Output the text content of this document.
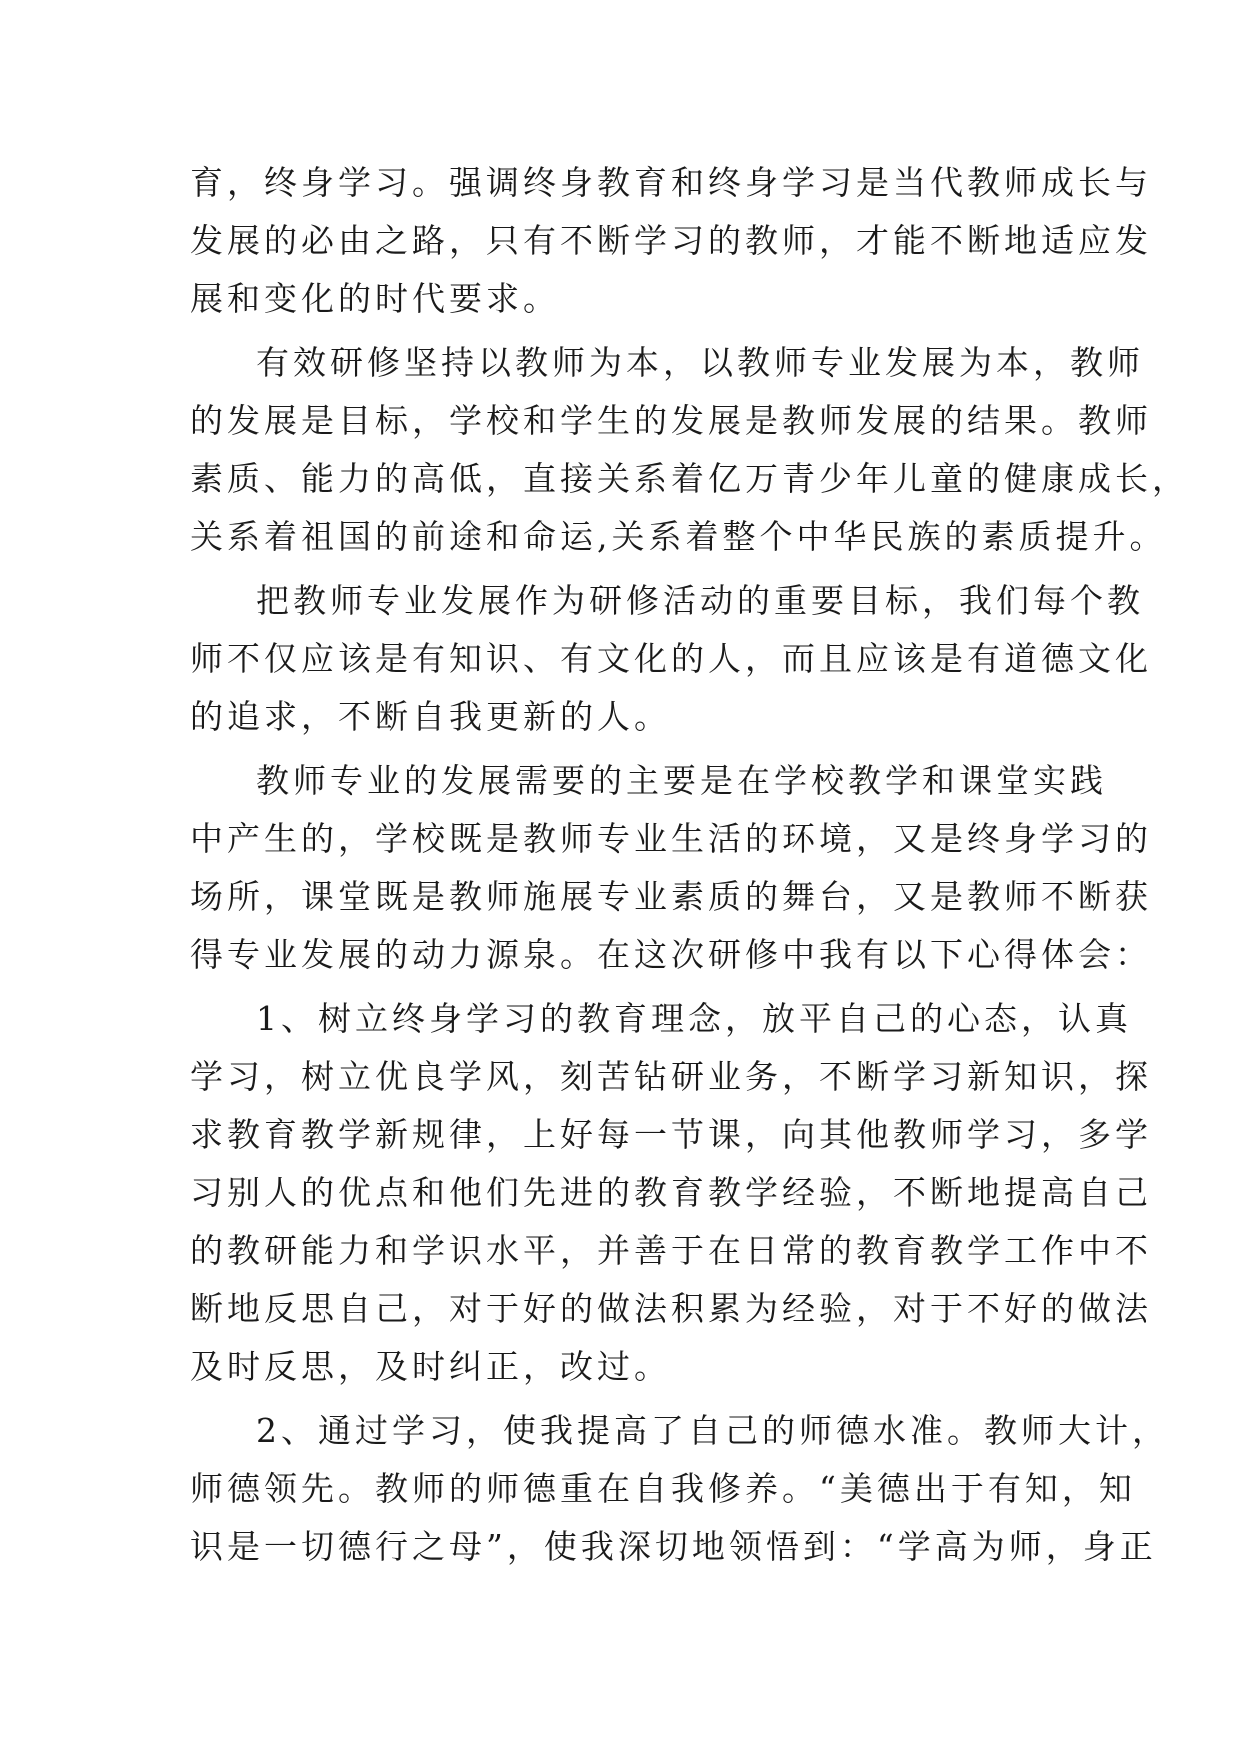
育，终身学习。强调终身教育和终身学习是当代教师成长与
发展的必由之路，只有不断学习的教师，才能不断地适应发
展和变化的时代要求。
有效研修坚持以教师为本，以教师专业发展为本，教师
的发展是目标，学校和学生的发展是教师发展的结果。教师
素质、能力的高低，直接关系着亿万青少年儿童的健康成长，
关系着祖国的前途和命运,关系着整个中华民族的素质提升。
把教师专业发展作为研修活动的重要目标，我们每个教
师不仅应该是有知识、有文化的人，而且应该是有道德文化
的追求，不断自我更新的人。
教师专业的发展需要的主要是在学校教学和课堂实践
中产生的，学校既是教师专业生活的环境，又是终身学习的
场所，课堂既是教师施展专业素质的舞台，又是教师不断获
得专业发展的动力源泉。在这次研修中我有以下心得体会：
1、树立终身学习的教育理念，放平自己的心态，认真
学习，树立优良学风，刻苦钻研业务，不断学习新知识，探
求教育教学新规律，上好每一节课，向其他教师学习，多学
习别人的优点和他们先进的教育教学经验，不断地提高自己
的教研能力和学识水平，并善于在日常的教育教学工作中不
断地反思自己，对于好的做法积累为经验，对于不好的做法
及时反思，及时纠正，改过。
2、通过学习，使我提高了自己的师德水准。教师大计，
师德领先。教师的师德重在自我修养。“美德出于有知，知
识是一切德行之母”，使我深切地领悟到：“学高为师，身正
